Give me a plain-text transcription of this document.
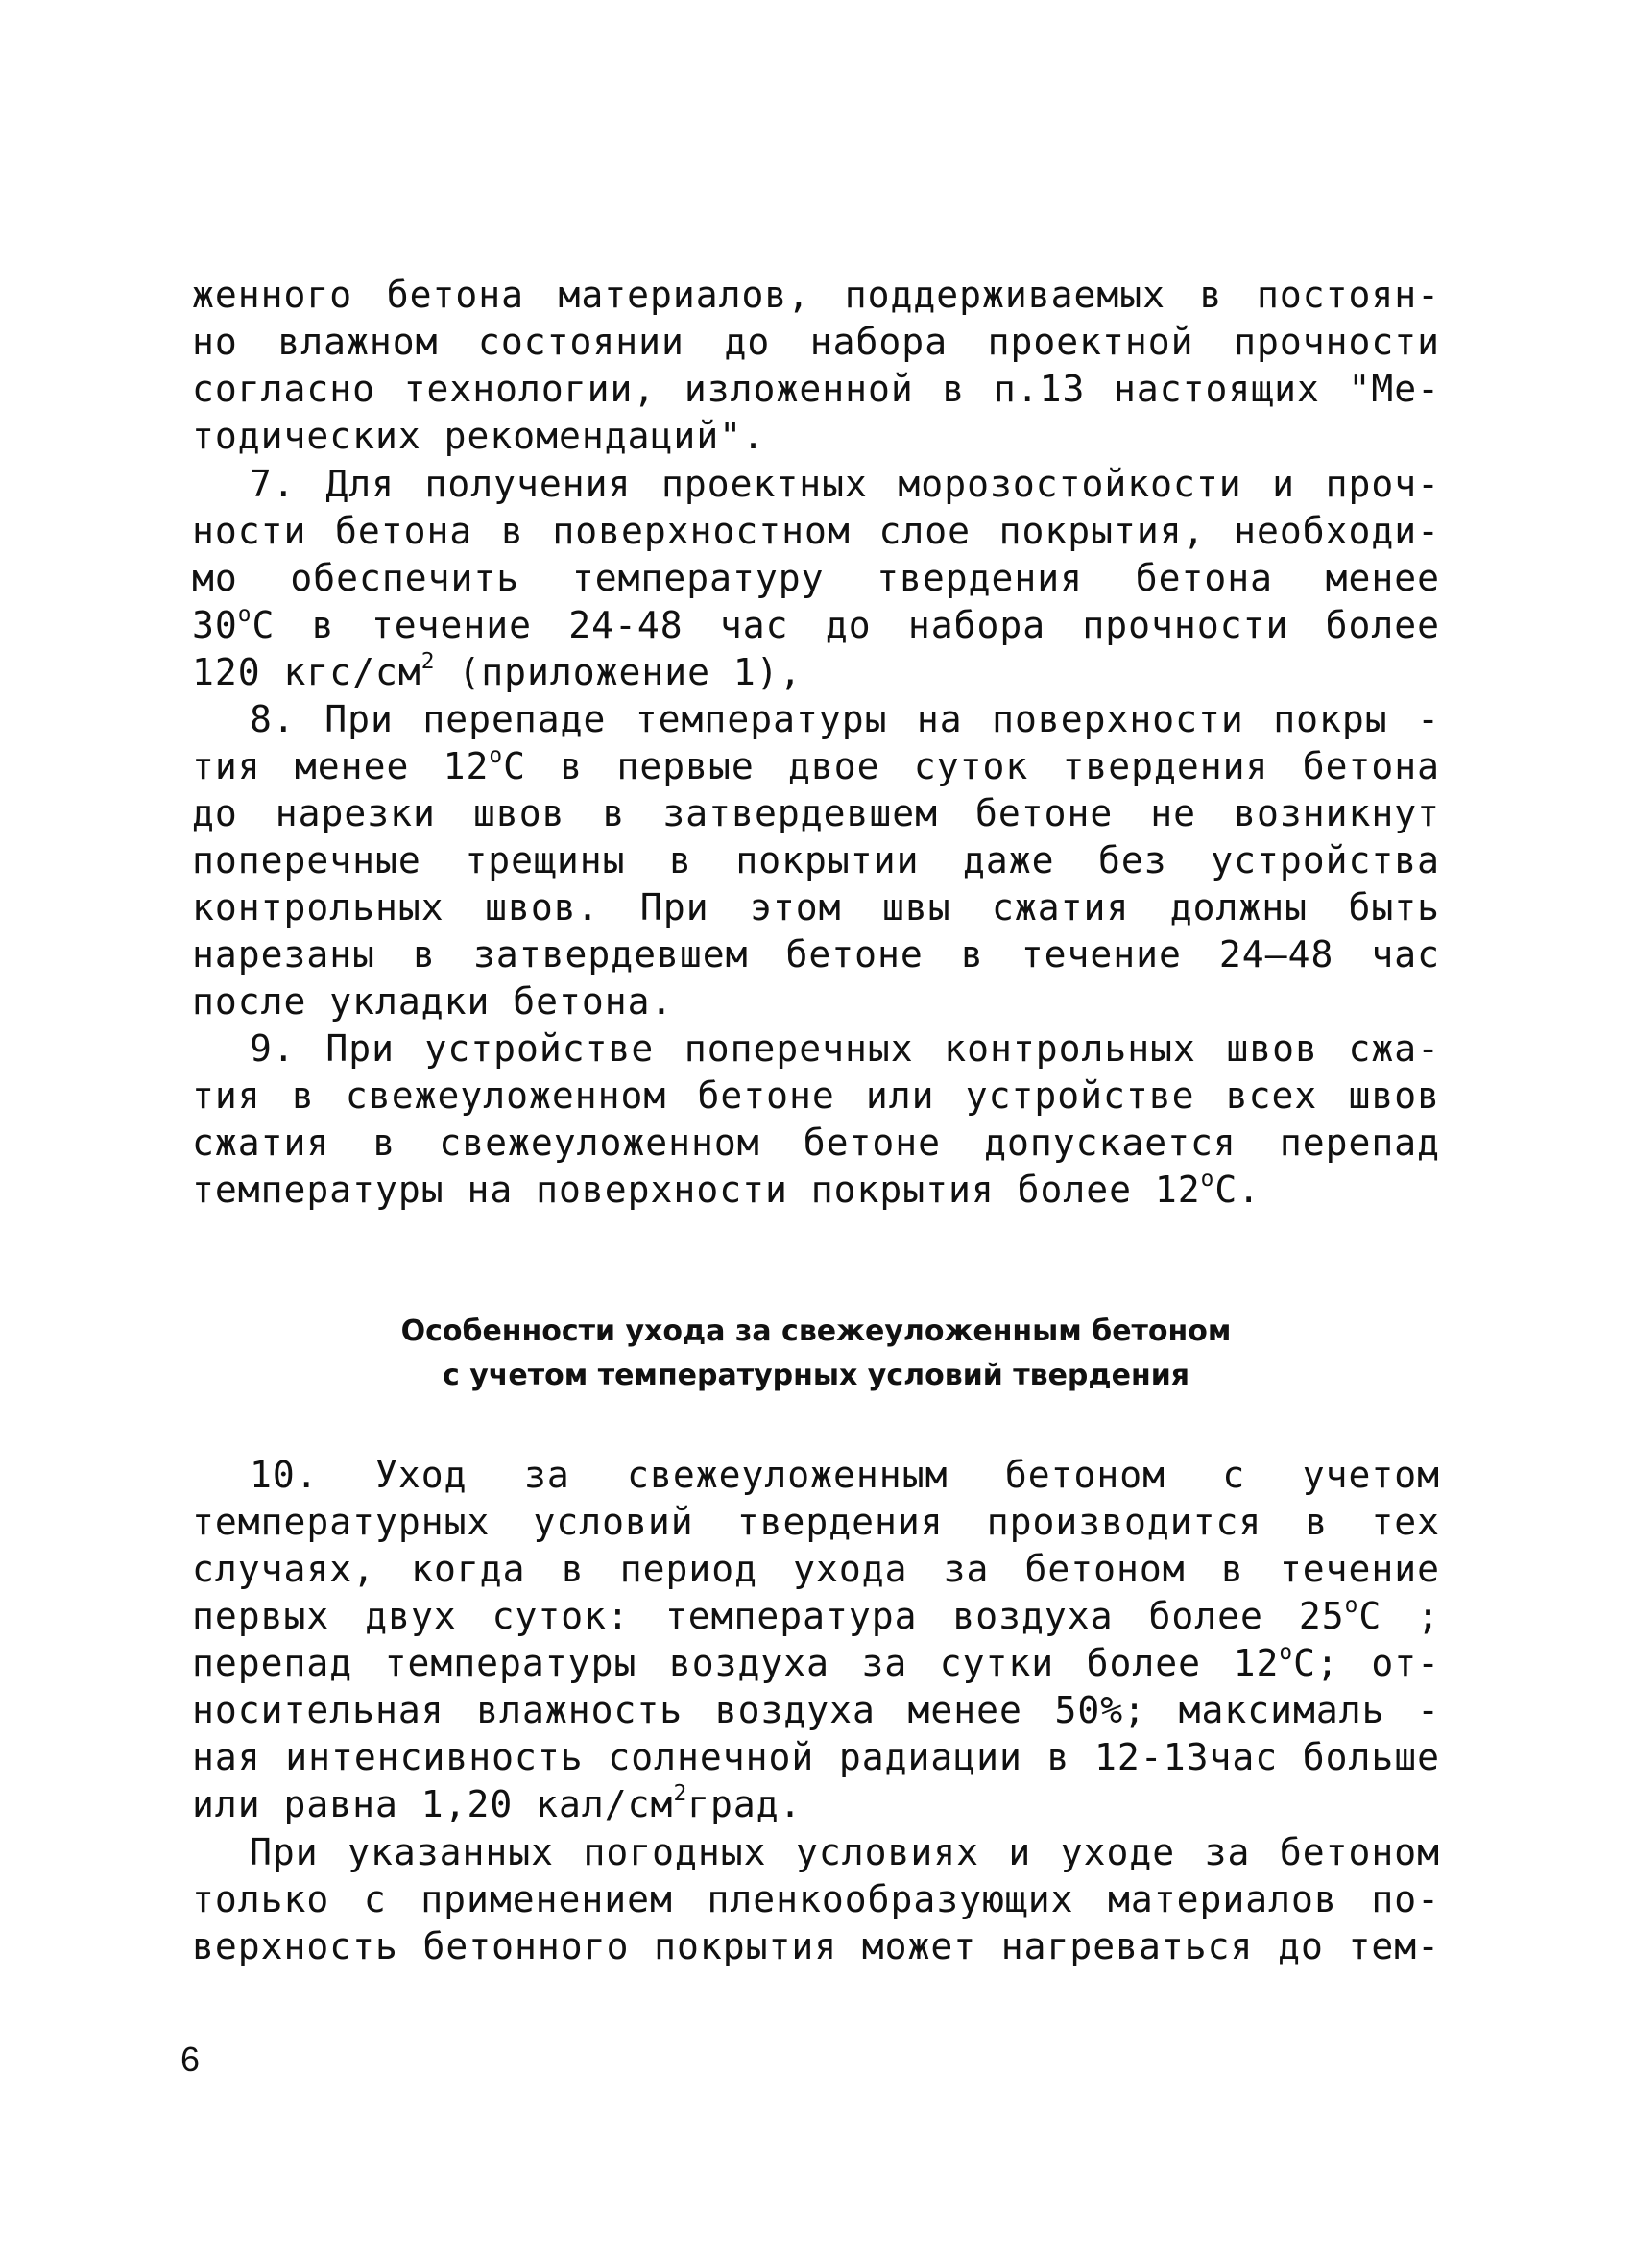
женного бетона материалов, поддерживаемых в постоян-
но влажном состоянии до набора проектной прочности
согласно технологии, изложенной в п.13 настоящих "Ме-
тодических рекомендаций".
7. Для получения проектных морозостойкости и проч-
ности бетона в поверхностном слое покрытия, необходи-
мо обеспечить температуру твердения бетона менее
$30^оС$ в течение 24-48 час до набора прочности более
120 кгс/$см^2$ (приложение 1),
8. При перепаде температуры на поверхности покры -
тия менее $12^оС$ в первые двое суток твердения бетона
до нарезки швов в затвердевшем бетоне не возникнут
поперечные трещины в покрытии даже без устройства
контрольных швов. При этом швы сжатия должны быть
нарезаны в затвердевшем бетоне в течение 24–48 час
после укладки бетона.
9. При устройстве поперечных контрольных швов сжа-
тия в свежеуложенном бетоне или устройстве всех швов
сжатия в свежеуложенном бетоне допускается перепад
температуры на поверхности покрытия более $12^оС$.
Особенности ухода за свежеуложенным бетоном
с учетом температурных условий твердения
10. Уход за свежеуложенным бетоном с учетом
температурных условий твердения производится в тех
случаях, когда в период ухода за бетоном в течение
первых двух суток: температура воздуха более $25^оС$ ;
перепад температуры воздуха за сутки более $12^оС$; от-
носительная влажность воздуха менее 50%; максималь -
ная интенсивность солнечной радиации в 12-13час больше
или равна 1,20 кал/$см^2град$.
При указанных погодных условиях и уходе за бетоном
только с применением пленкообразующих материалов по-
верхность бетонного покрытия может нагреваться до тем-
6
